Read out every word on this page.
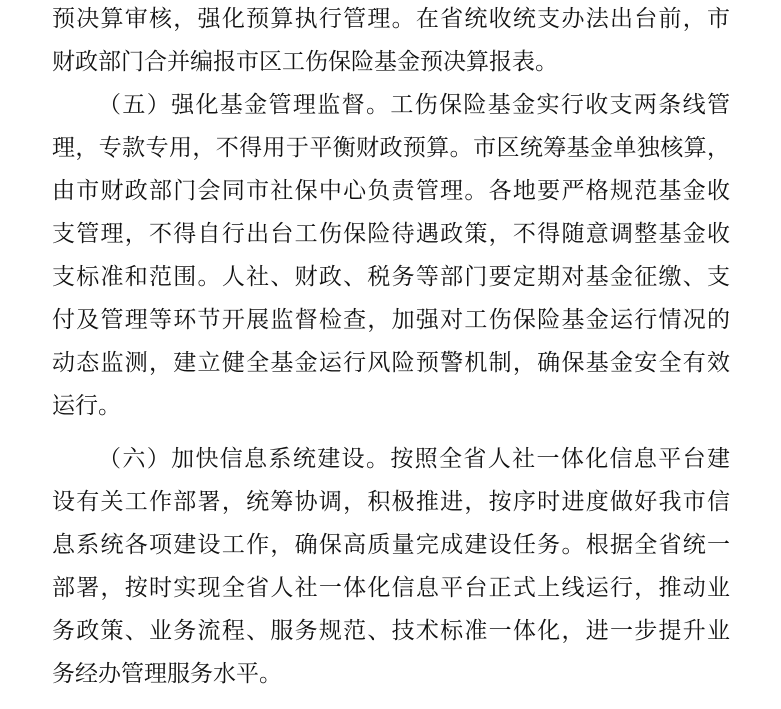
预决算审核，强化预算执行管理。在省统收统支办法出台前，市
财政部门合并编报市区工伤保险基金预决算报表。
（五）强化基金管理监督。工伤保险基金实行收支两条线管
理，专款专用，不得用于平衡财政预算。市区统筹基金单独核算，
由市财政部门会同市社保中心负责管理。各地要严格规范基金收
支管理，不得自行出台工伤保险待遇政策，不得随意调整基金收
支标准和范围。人社、财政、税务等部门要定期对基金征缴、支
付及管理等环节开展监督检查，加强对工伤保险基金运行情况的
动态监测，建立健全基金运行风险预警机制，确保基金安全有效
运行。
（六）加快信息系统建设。按照全省人社一体化信息平台建
设有关工作部署，统筹协调，积极推进，按序时进度做好我市信
息系统各项建设工作，确保高质量完成建设任务。根据全省统一
部署，按时实现全省人社一体化信息平台正式上线运行，推动业
务政策、业务流程、服务规范、技术标准一体化，进一步提升业
务经办管理服务水平。
